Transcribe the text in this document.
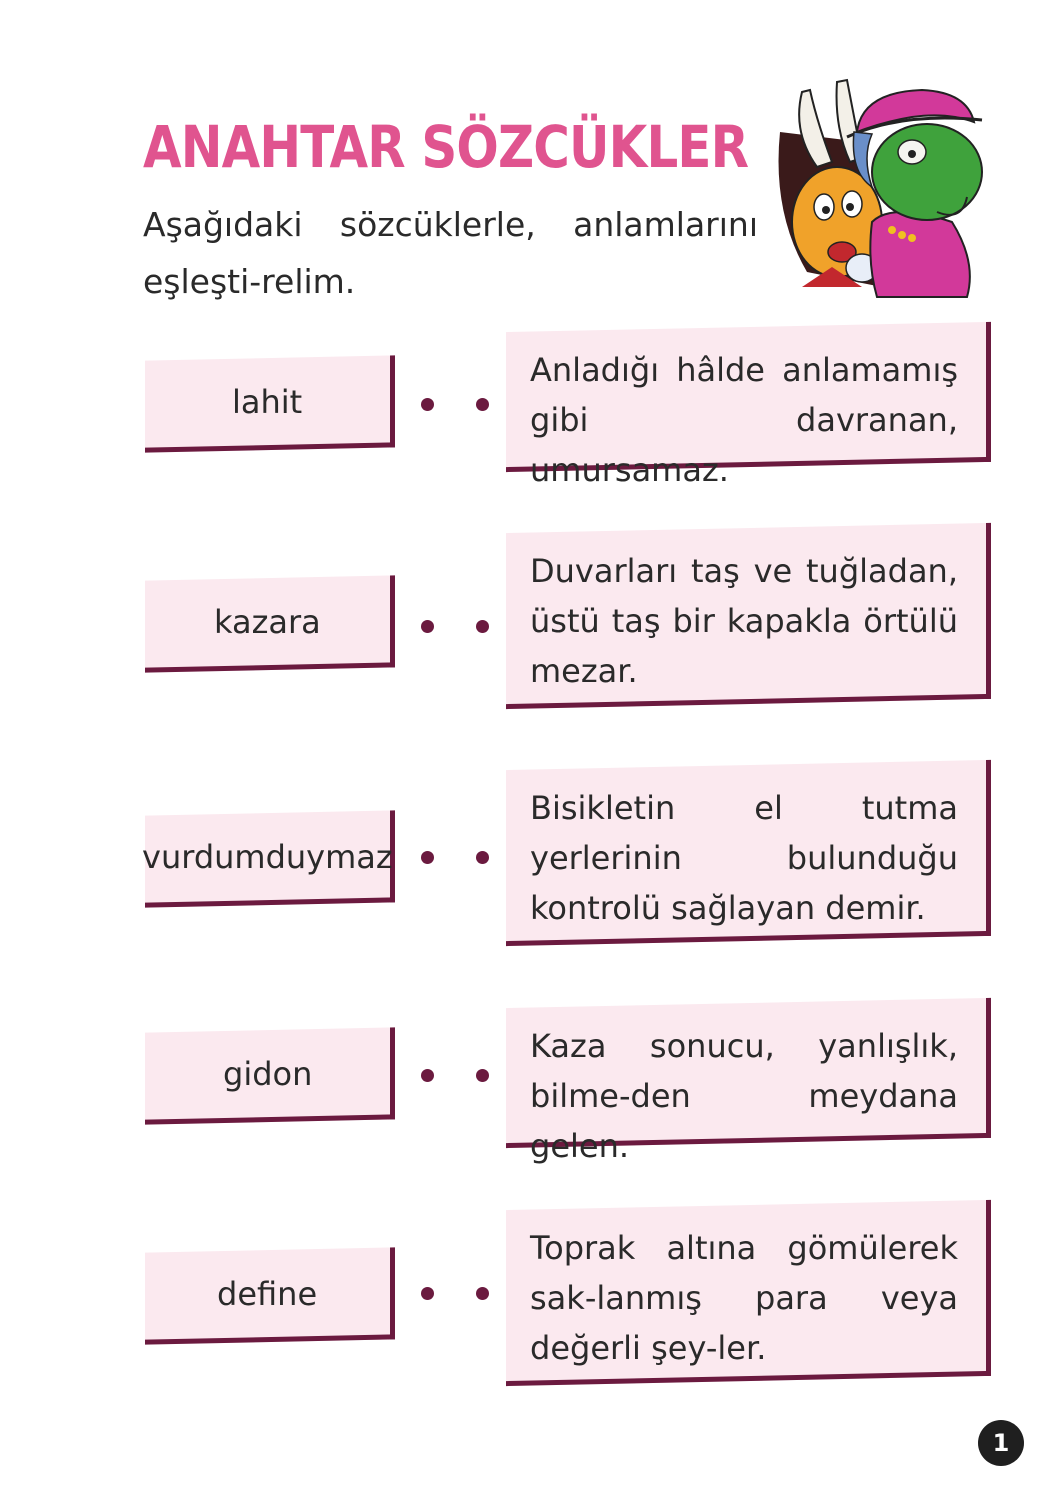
ANAHTAR SÖZCÜKLER
Aşağıdaki sözcüklerle, anlamlarını eşleşti-relim.
lahit

Anladığı hâlde anlamamış gibi davranan, umursamaz.

kazara

Duvarları taş ve tuğladan, üstü taş bir kapakla örtülü mezar.

vurdumduymaz

Bisikletin el tutma yerlerinin bulunduğu kontrolü sağlayan demir.

gidon

Kaza sonucu, yanlışlık, bilme-den meydana gelen.

define

Toprak altına gömülerek sak-lanmış para veya değerli şey-ler.

1
